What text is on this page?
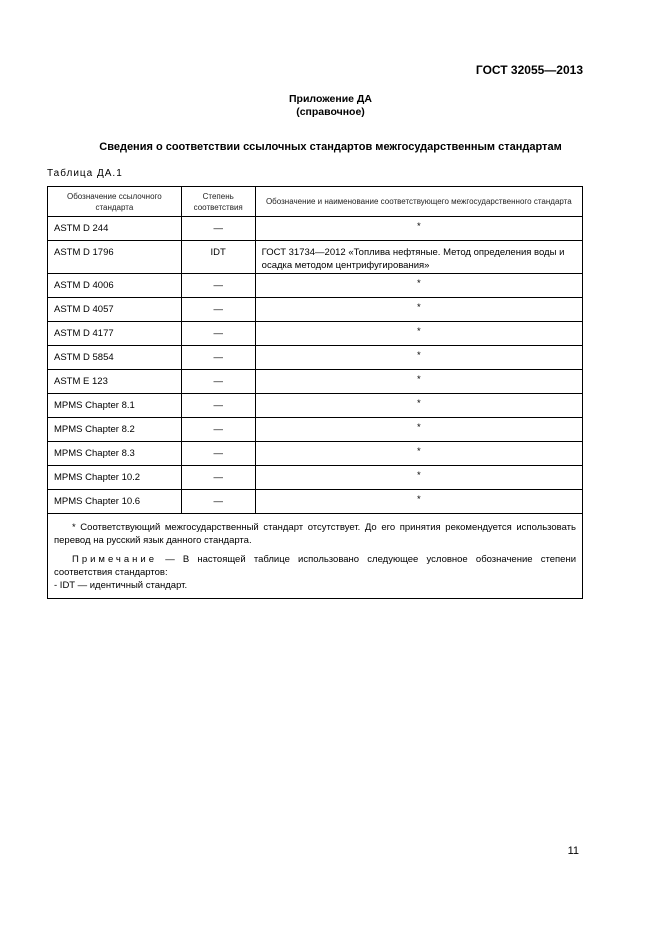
ГОСТ 32055—2013
Приложение ДА
(справочное)
Сведения о соответствии ссылочных стандартов межгосударственным стандартам
Таблица ДА.1
Обозначение ссылочного стандарта	Степень соответствия	Обозначение и наименование соответствующего межгосударственного стандарта
ASTM D 244	—	*
ASTM D 1796	IDT	ГОСТ 31734—2012 «Топлива нефтяные. Метод определения воды и осадка методом центрифугирования»
ASTM D 4006	—	*
ASTM D 4057	—	*
ASTM D 4177	—	*
ASTM D 5854	—	*
ASTM E 123	—	*
MPMS Chapter 8.1	—	*
MPMS Chapter 8.2	—	*
MPMS Chapter 8.3	—	*
MPMS Chapter 10.2	—	*
MPMS Chapter 10.6	—	*

* Соответствующий межгосударственный стандарт отсутствует. До его принятия рекомендуется использовать перевод на русский язык данного стандарта.
Примечание — В настоящей таблице использовано следующее условное обозначение степени соответствия стандартов:
- IDT — идентичный стандарт.		
11
